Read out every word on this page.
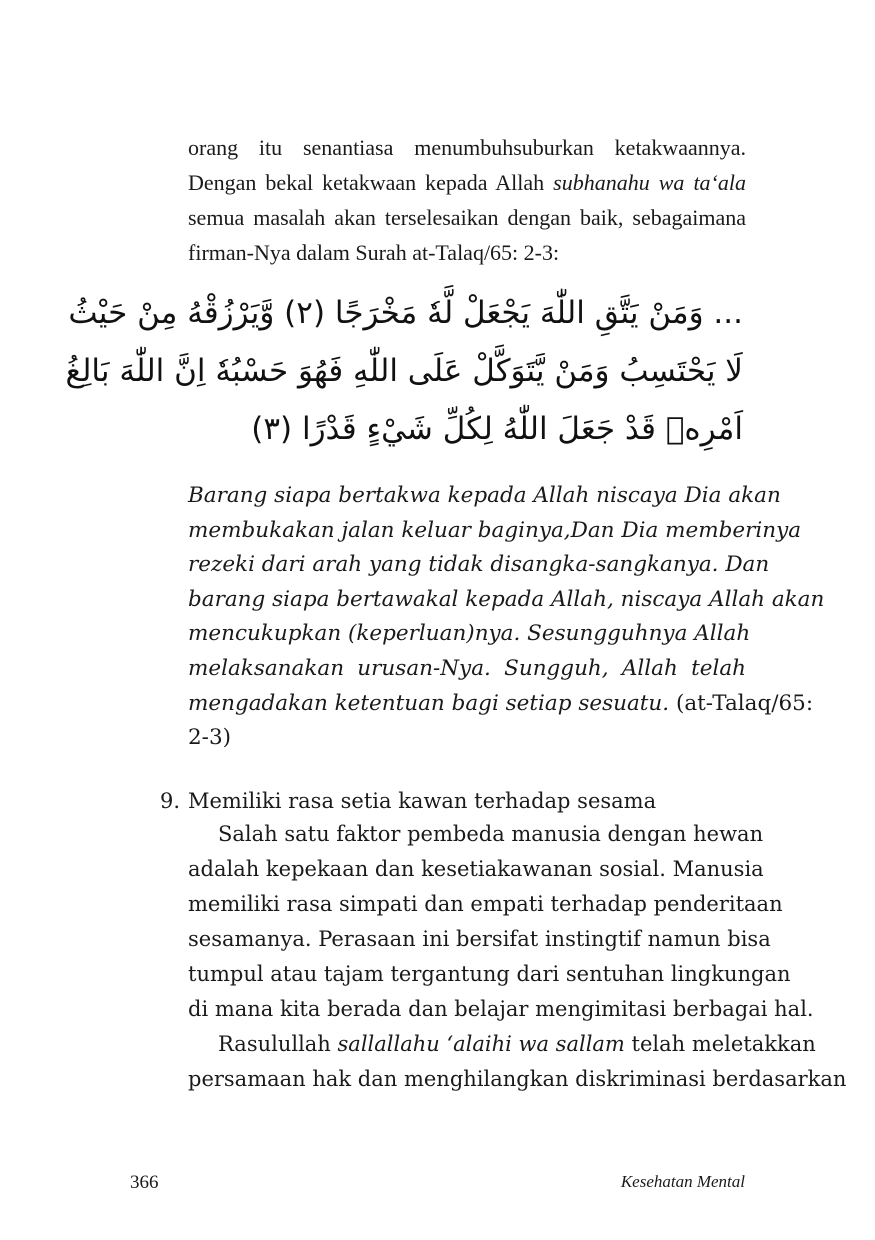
orang itu senantiasa menumbuhsuburkan ketakwaannya.
Dengan bekal ketakwaan kepada Allah subhanahu wa ta‘ala
semua masalah akan terselesaikan dengan baik, sebagaimana
firman-Nya dalam Surah at-Talaq/65: 2-3:
... وَمَنْ يَتَّقِ اللّٰهَ يَجْعَلْ لَّهٗ مَخْرَجًا (٢) وَّيَرْزُقْهُ مِنْ حَيْثُ
لَا يَحْتَسِبُ وَمَنْ يَّتَوَكَّلْ عَلَى اللّٰهِ فَهُوَ حَسْبُهٗ اِنَّ اللّٰهَ بَالِغُ
اَمْرِهٖ قَدْ جَعَلَ اللّٰهُ لِكُلِّ شَيْءٍ قَدْرًا (٣)
Barang siapa bertakwa kepada Allah niscaya Dia akan
membukakan jalan keluar baginya,Dan Dia memberinya
rezeki dari arah yang tidak disangka-sangkanya. Dan
barang siapa bertawakal kepada Allah, niscaya Allah akan
mencukupkan (keperluan)nya. Sesungguhnya Allah
melaksanakan urusan-Nya. Sungguh, Allah telah
mengadakan ketentuan bagi setiap sesuatu. (at-Talaq/65:
2-3)
9. Memiliki rasa setia kawan terhadap sesama
Salah satu faktor pembeda manusia dengan hewan
adalah kepekaan dan kesetiakawanan sosial. Manusia
memiliki rasa simpati dan empati terhadap penderitaan
sesamanya. Perasaan ini bersifat instingtif namun bisa
tumpul atau tajam tergantung dari sentuhan lingkungan
di mana kita berada dan belajar mengimitasi berbagai hal.
Rasulullah sallallahu ‘alaihi wa sallam telah meletakkan
persamaan hak dan menghilangkan diskriminasi berdasarkan
366	Kesehatan Mental
